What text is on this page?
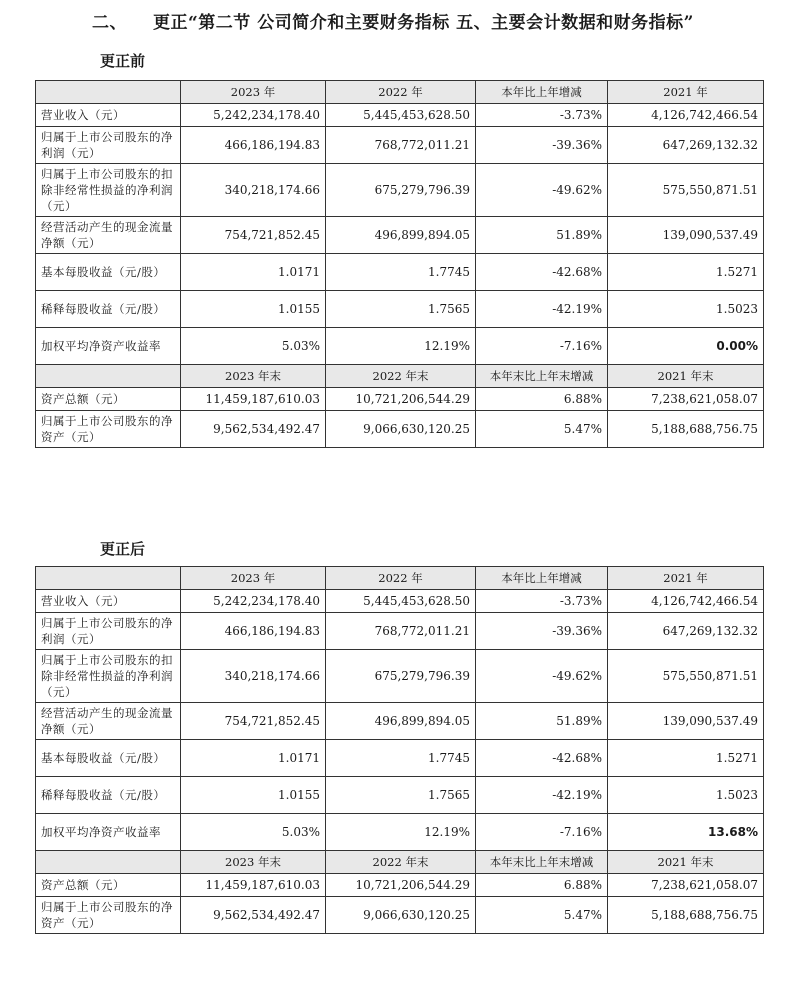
二、 更正“第二节 公司简介和主要财务指标 五、主要会计数据和财务指标”
更正前
	2023 年	2022 年	本年比上年增减	2021 年
营业收入（元）	5,242,234,178.40	5,445,453,628.50	-3.73%	4,126,742,466.54
归属于上市公司股东的净利润（元）	466,186,194.83	768,772,011.21	-39.36%	647,269,132.32
归属于上市公司股东的扣除非经常性损益的净利润（元）	340,218,174.66	675,279,796.39	-49.62%	575,550,871.51
经营活动产生的现金流量净额（元）	754,721,852.45	496,899,894.05	51.89%	139,090,537.49
基本每股收益（元/股）	1.0171	1.7745	-42.68%	1.5271
稀释每股收益（元/股）	1.0155	1.7565	-42.19%	1.5023
加权平均净资产收益率	5.03%	12.19%	-7.16%	0.00%
	2023 年末	2022 年末	本年末比上年末增减	2021 年末
资产总额（元）	11,459,187,610.03	10,721,206,544.29	6.88%	7,238,621,058.07
归属于上市公司股东的净资产（元）	9,562,534,492.47	9,066,630,120.25	5.47%	5,188,688,756.75
更正后
	2023 年	2022 年	本年比上年增减	2021 年
营业收入（元）	5,242,234,178.40	5,445,453,628.50	-3.73%	4,126,742,466.54
归属于上市公司股东的净利润（元）	466,186,194.83	768,772,011.21	-39.36%	647,269,132.32
归属于上市公司股东的扣除非经常性损益的净利润（元）	340,218,174.66	675,279,796.39	-49.62%	575,550,871.51
经营活动产生的现金流量净额（元）	754,721,852.45	496,899,894.05	51.89%	139,090,537.49
基本每股收益（元/股）	1.0171	1.7745	-42.68%	1.5271
稀释每股收益（元/股）	1.0155	1.7565	-42.19%	1.5023
加权平均净资产收益率	5.03%	12.19%	-7.16%	13.68%
	2023 年末	2022 年末	本年末比上年末增减	2021 年末
资产总额（元）	11,459,187,610.03	10,721,206,544.29	6.88%	7,238,621,058.07
归属于上市公司股东的净资产（元）	9,562,534,492.47	9,066,630,120.25	5.47%	5,188,688,756.75
